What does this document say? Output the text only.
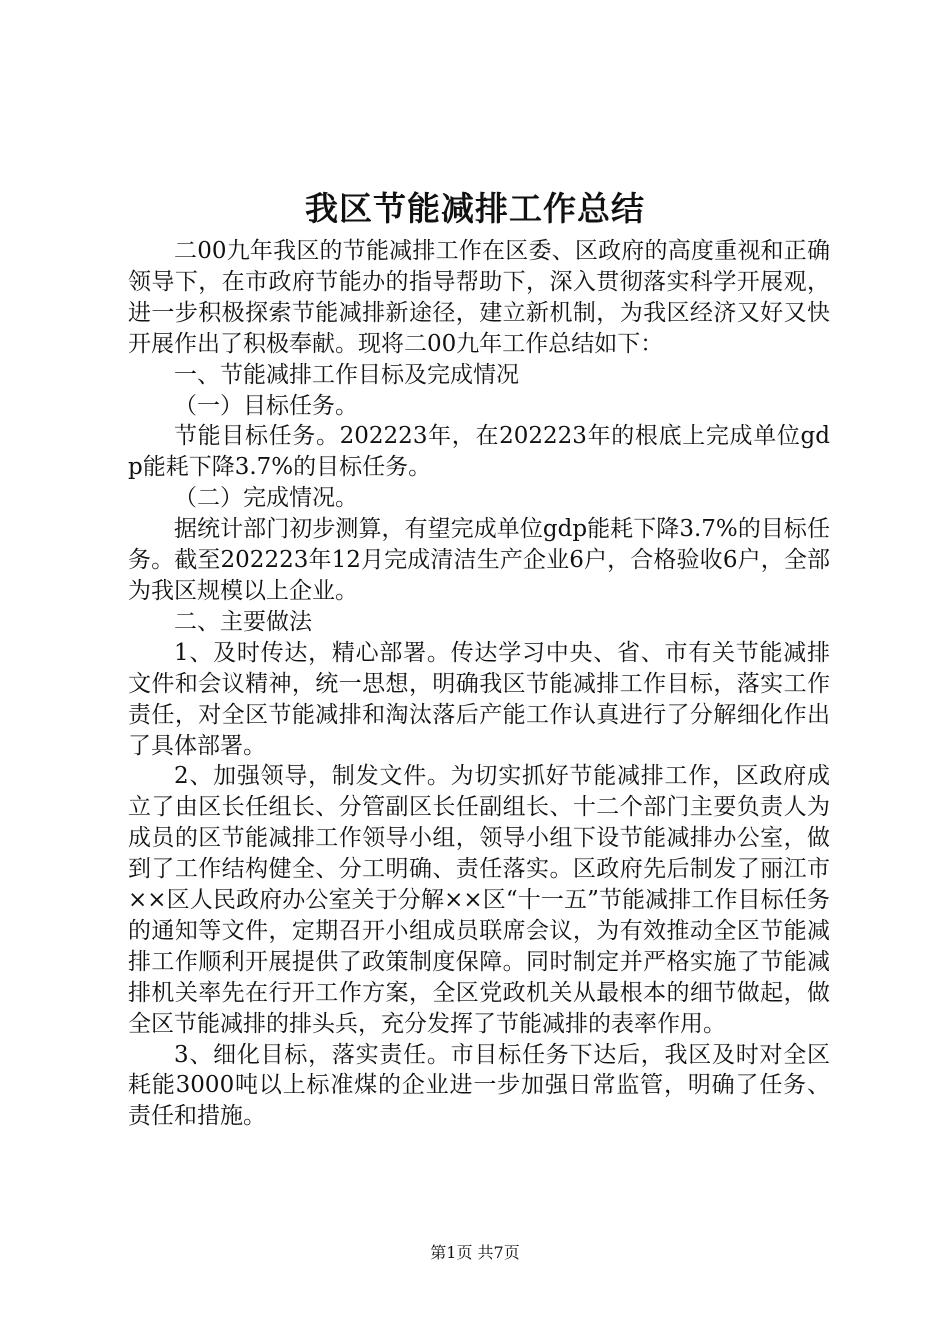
我区节能减排工作总结

二00九年我区的节能减排工作在区委、区政府的高度重视和正确领导下，在市政府节能办的指导帮助下，深入贯彻落实科学开展观，进一步积极探索节能减排新途径，建立新机制，为我区经济又好又快开展作出了积极奉献。现将二00九年工作总结如下：

一、节能减排工作目标及完成情况

（一）目标任务。

节能目标任务。202223年，在202223年的根底上完成单位gdp能耗下降3.7%的目标任务。

（二）完成情况。

据统计部门初步测算，有望完成单位gdp能耗下降3.7%的目标任务。截至202223年12月完成清洁生产企业6户，合格验收6户，全部为我区规模以上企业。

二、主要做法

1、及时传达，精心部署。传达学习中央、省、市有关节能减排文件和会议精神，统一思想，明确我区节能减排工作目标，落实工作责任，对全区节能减排和淘汰落后产能工作认真进行了分解细化作出了具体部署。

2、加强领导，制发文件。为切实抓好节能减排工作，区政府成立了由区长任组长、分管副区长任副组长、十二个部门主要负责人为成员的区节能减排工作领导小组，领导小组下设节能减排办公室，做到了工作结构健全、分工明确、责任落实。区政府先后制发了丽江市××区人民政府办公室关于分解××区“十一五”节能减排工作目标任务的通知等文件，定期召开小组成员联席会议，为有效推动全区节能减排工作顺利开展提供了政策制度保障。同时制定并严格实施了节能减排机关率先在行开工作方案，全区党政机关从最根本的细节做起，做全区节能减排的排头兵，充分发挥了节能减排的表率作用。

3、细化目标，落实责任。市目标任务下达后，我区及时对全区耗能3000吨以上标准煤的企业进一步加强日常监管，明确了任务、责任和措施。

第1页 共7页
